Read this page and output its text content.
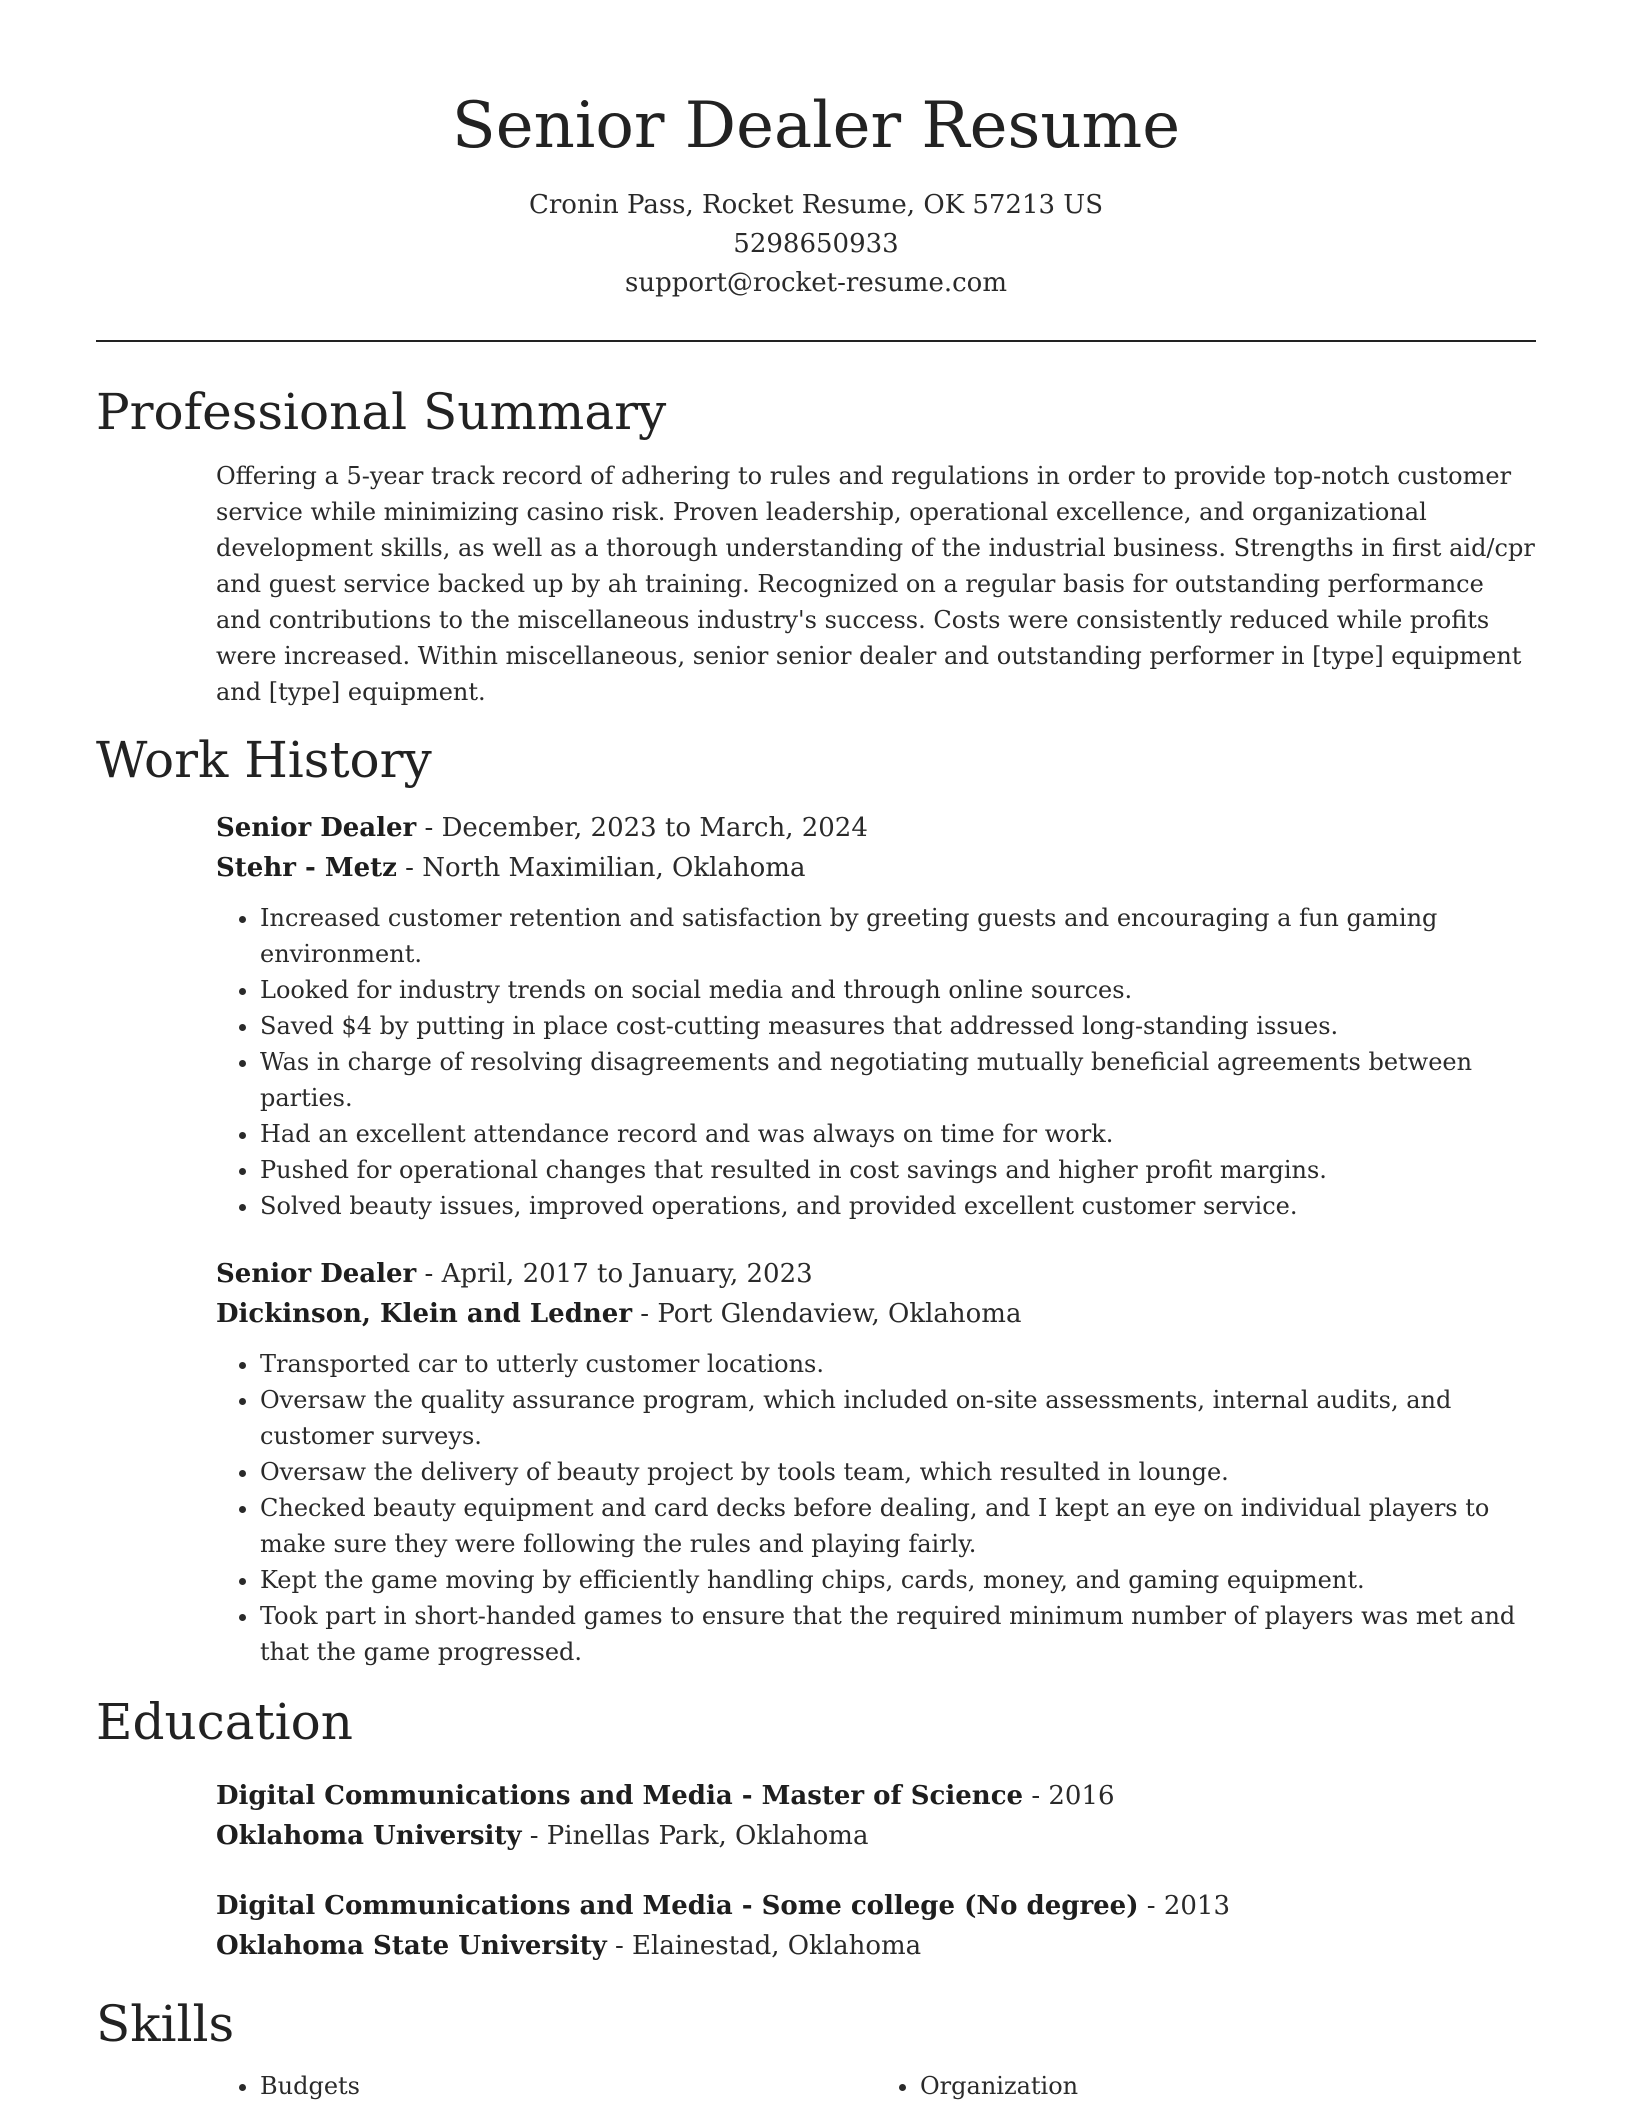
Senior Dealer Resume
Cronin Pass, Rocket Resume, OK 57213 US
5298650933
support@rocket-resume.com
Professional Summary

Offering a 5-year track record of adhering to rules and regulations in order to provide top-notch customer service while minimizing casino risk. Proven leadership, operational excellence, and organizational development skills, as well as a thorough understanding of the industrial business. Strengths in first aid/cpr and guest service backed up by ah training. Recognized on a regular basis for outstanding performance and contributions to the miscellaneous industry's success. Costs were consistently reduced while profits were increased. Within miscellaneous, senior senior dealer and outstanding performer in [type] equipment and [type] equipment.

Work History
Senior Dealer - December, 2023 to March, 2024
Stehr - Metz - North Maximilian, Oklahoma
• Increased customer retention and satisfaction by greeting guests and encouraging a fun gaming environment.
• Looked for industry trends on social media and through online sources.
• Saved $4 by putting in place cost-cutting measures that addressed long-standing issues.
• Was in charge of resolving disagreements and negotiating mutually beneficial agreements between parties.
• Had an excellent attendance record and was always on time for work.
• Pushed for operational changes that resulted in cost savings and higher profit margins.
• Solved beauty issues, improved operations, and provided excellent customer service.
Senior Dealer - April, 2017 to January, 2023
Dickinson, Klein and Ledner - Port Glendaview, Oklahoma
• Transported car to utterly customer locations.
• Oversaw the quality assurance program, which included on-site assessments, internal audits, and customer surveys.
• Oversaw the delivery of beauty project by tools team, which resulted in lounge.
• Checked beauty equipment and card decks before dealing, and I kept an eye on individual players to make sure they were following the rules and playing fairly.
• Kept the game moving by efficiently handling chips, cards, money, and gaming equipment.
• Took part in short-handed games to ensure that the required minimum number of players was met and that the game progressed.
Education
Digital Communications and Media - Master of Science - 2016
Oklahoma University - Pinellas Park, Oklahoma
Digital Communications and Media - Some college (No degree) - 2013
Oklahoma State University - Elainestad, Oklahoma
Skills
• Budgets
•	Organization
